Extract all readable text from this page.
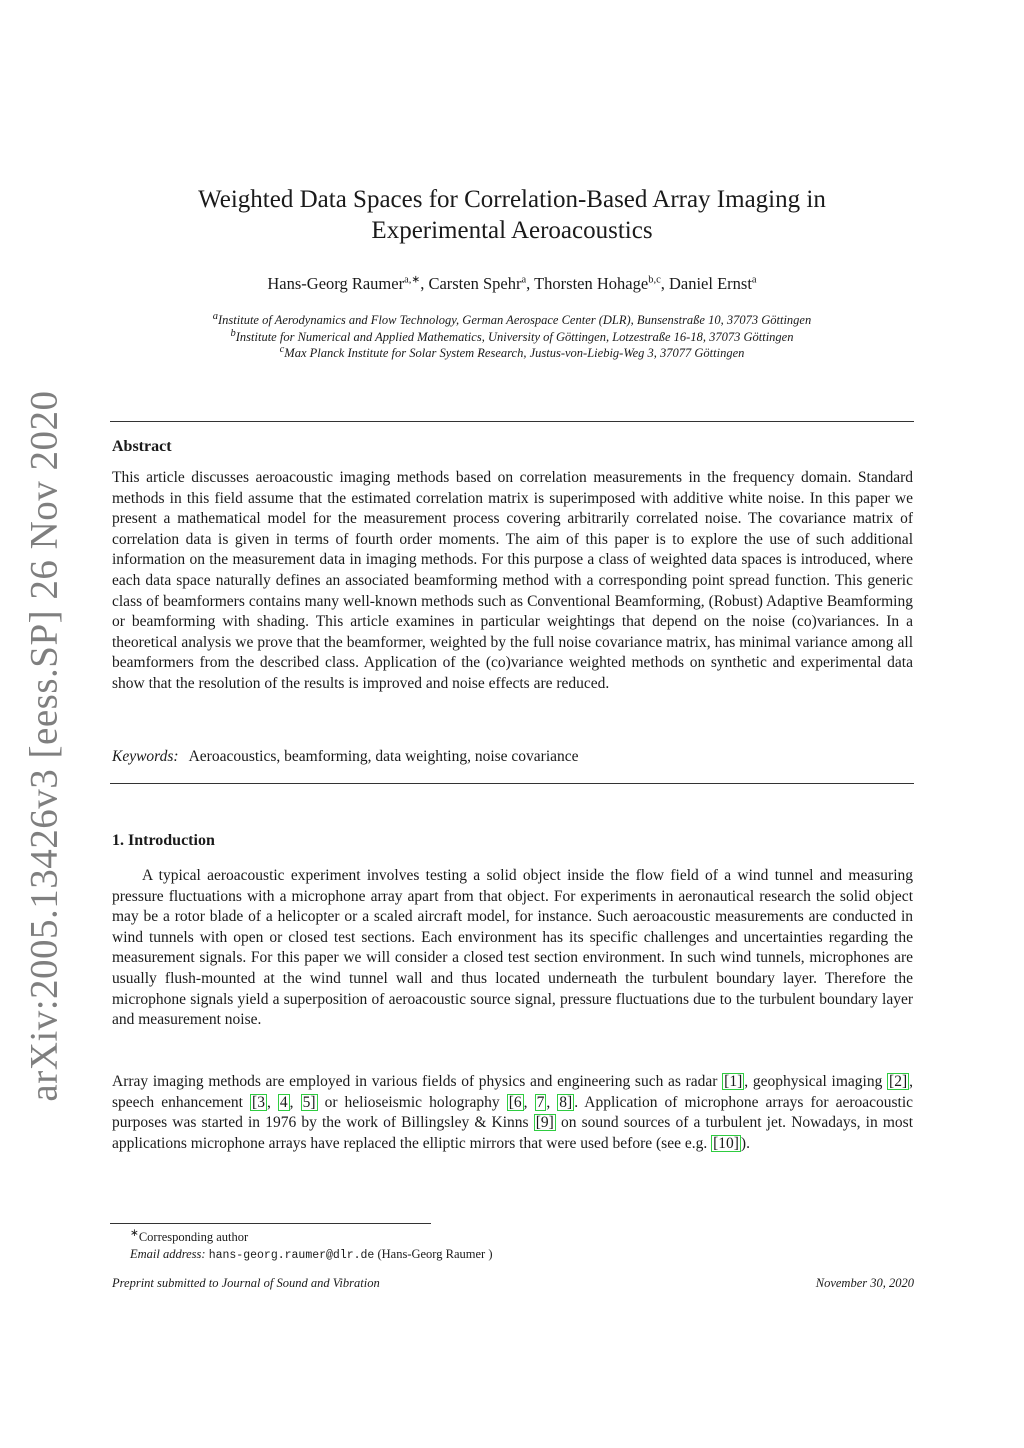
arXiv:2005.13426v3 [eess.SP] 26 Nov 2020
Weighted Data Spaces for Correlation-Based Array Imaging in
Experimental Aeroacoustics
Hans-Georg Raumer$^{a,∗}$, Carsten Spehr$^a$, Thorsten Hohage$^{b,c}$, Daniel Ernst$^a$
$^a$Institute of Aerodynamics and Flow Technology, German Aerospace Center (DLR), Bunsenstraße 10, 37073 Göttingen
$^b$Institute for Numerical and Applied Mathematics, University of Göttingen, Lotzestraße 16-18, 37073 Göttingen
$^c$Max Planck Institute for Solar System Research, Justus-von-Liebig-Weg 3, 37077 Göttingen
Abstract

This article discusses aeroacoustic imaging methods based on correlation measurements in the frequency domain. Standard methods in this field assume that the estimated correlation matrix is superimposed with additive white noise. In this paper we present a mathematical model for the measurement process covering arbitrarily correlated noise. The covariance matrix of correlation data is given in terms of fourth order moments. The aim of this paper is to explore the use of such additional information on the measurement data in imaging methods. For this purpose a class of weighted data spaces is introduced, where each data space naturally defines an associated beamforming method with a corresponding point spread function. This generic class of beamformers contains many well-known methods such as Conventional Beamforming, (Robust) Adaptive Beamforming or beamforming with shading. This article examines in particular weightings that depend on the noise (co)variances. In a theoretical analysis we prove that the beamformer, weighted by the full noise covariance matrix, has minimal variance among all beamformers from the described class. Application of the (co)variance weighted methods on synthetic and experimental data show that the resolution of the results is improved and noise effects are reduced.

Keywords: Aeroacoustics, beamforming, data weighting, noise covariance
1. Introduction

A typical aeroacoustic experiment involves testing a solid object inside the flow field of a wind tunnel and measuring pressure fluctuations with a microphone array apart from that object. For experiments in aeronautical research the solid object may be a rotor blade of a helicopter or a scaled aircraft model, for instance. Such aeroacoustic measurements are conducted in wind tunnels with open or closed test sections. Each environment has its specific challenges and uncertainties regarding the measurement signals. For this paper we will consider a closed test section environment. In such wind tunnels, microphones are usually flush-mounted at the wind tunnel wall and thus located underneath the turbulent boundary layer. Therefore the microphone signals yield a superposition of aeroacoustic source signal, pressure fluctuations due to the turbulent boundary layer and measurement noise.

Array imaging methods are employed in various fields of physics and engineering such as radar [1] , geophysical imaging [2] , speech enhancement [3 , 4 , 5] or helioseismic holography [6 , 7 , 8] . Application of microphone arrays for aeroacoustic purposes was started in 1976 by the work of Billingsley & Kinns [9] on sound sources of a turbulent jet. Nowadays, in most applications microphone arrays have replaced the elliptic mirrors that were used before (see e.g. [10] ).

∗Corresponding author
Email address: hans-georg.raumer@dlr.de (Hans-Georg Raumer )
Preprint submitted to Journal of Sound and Vibration	November 30, 2020
